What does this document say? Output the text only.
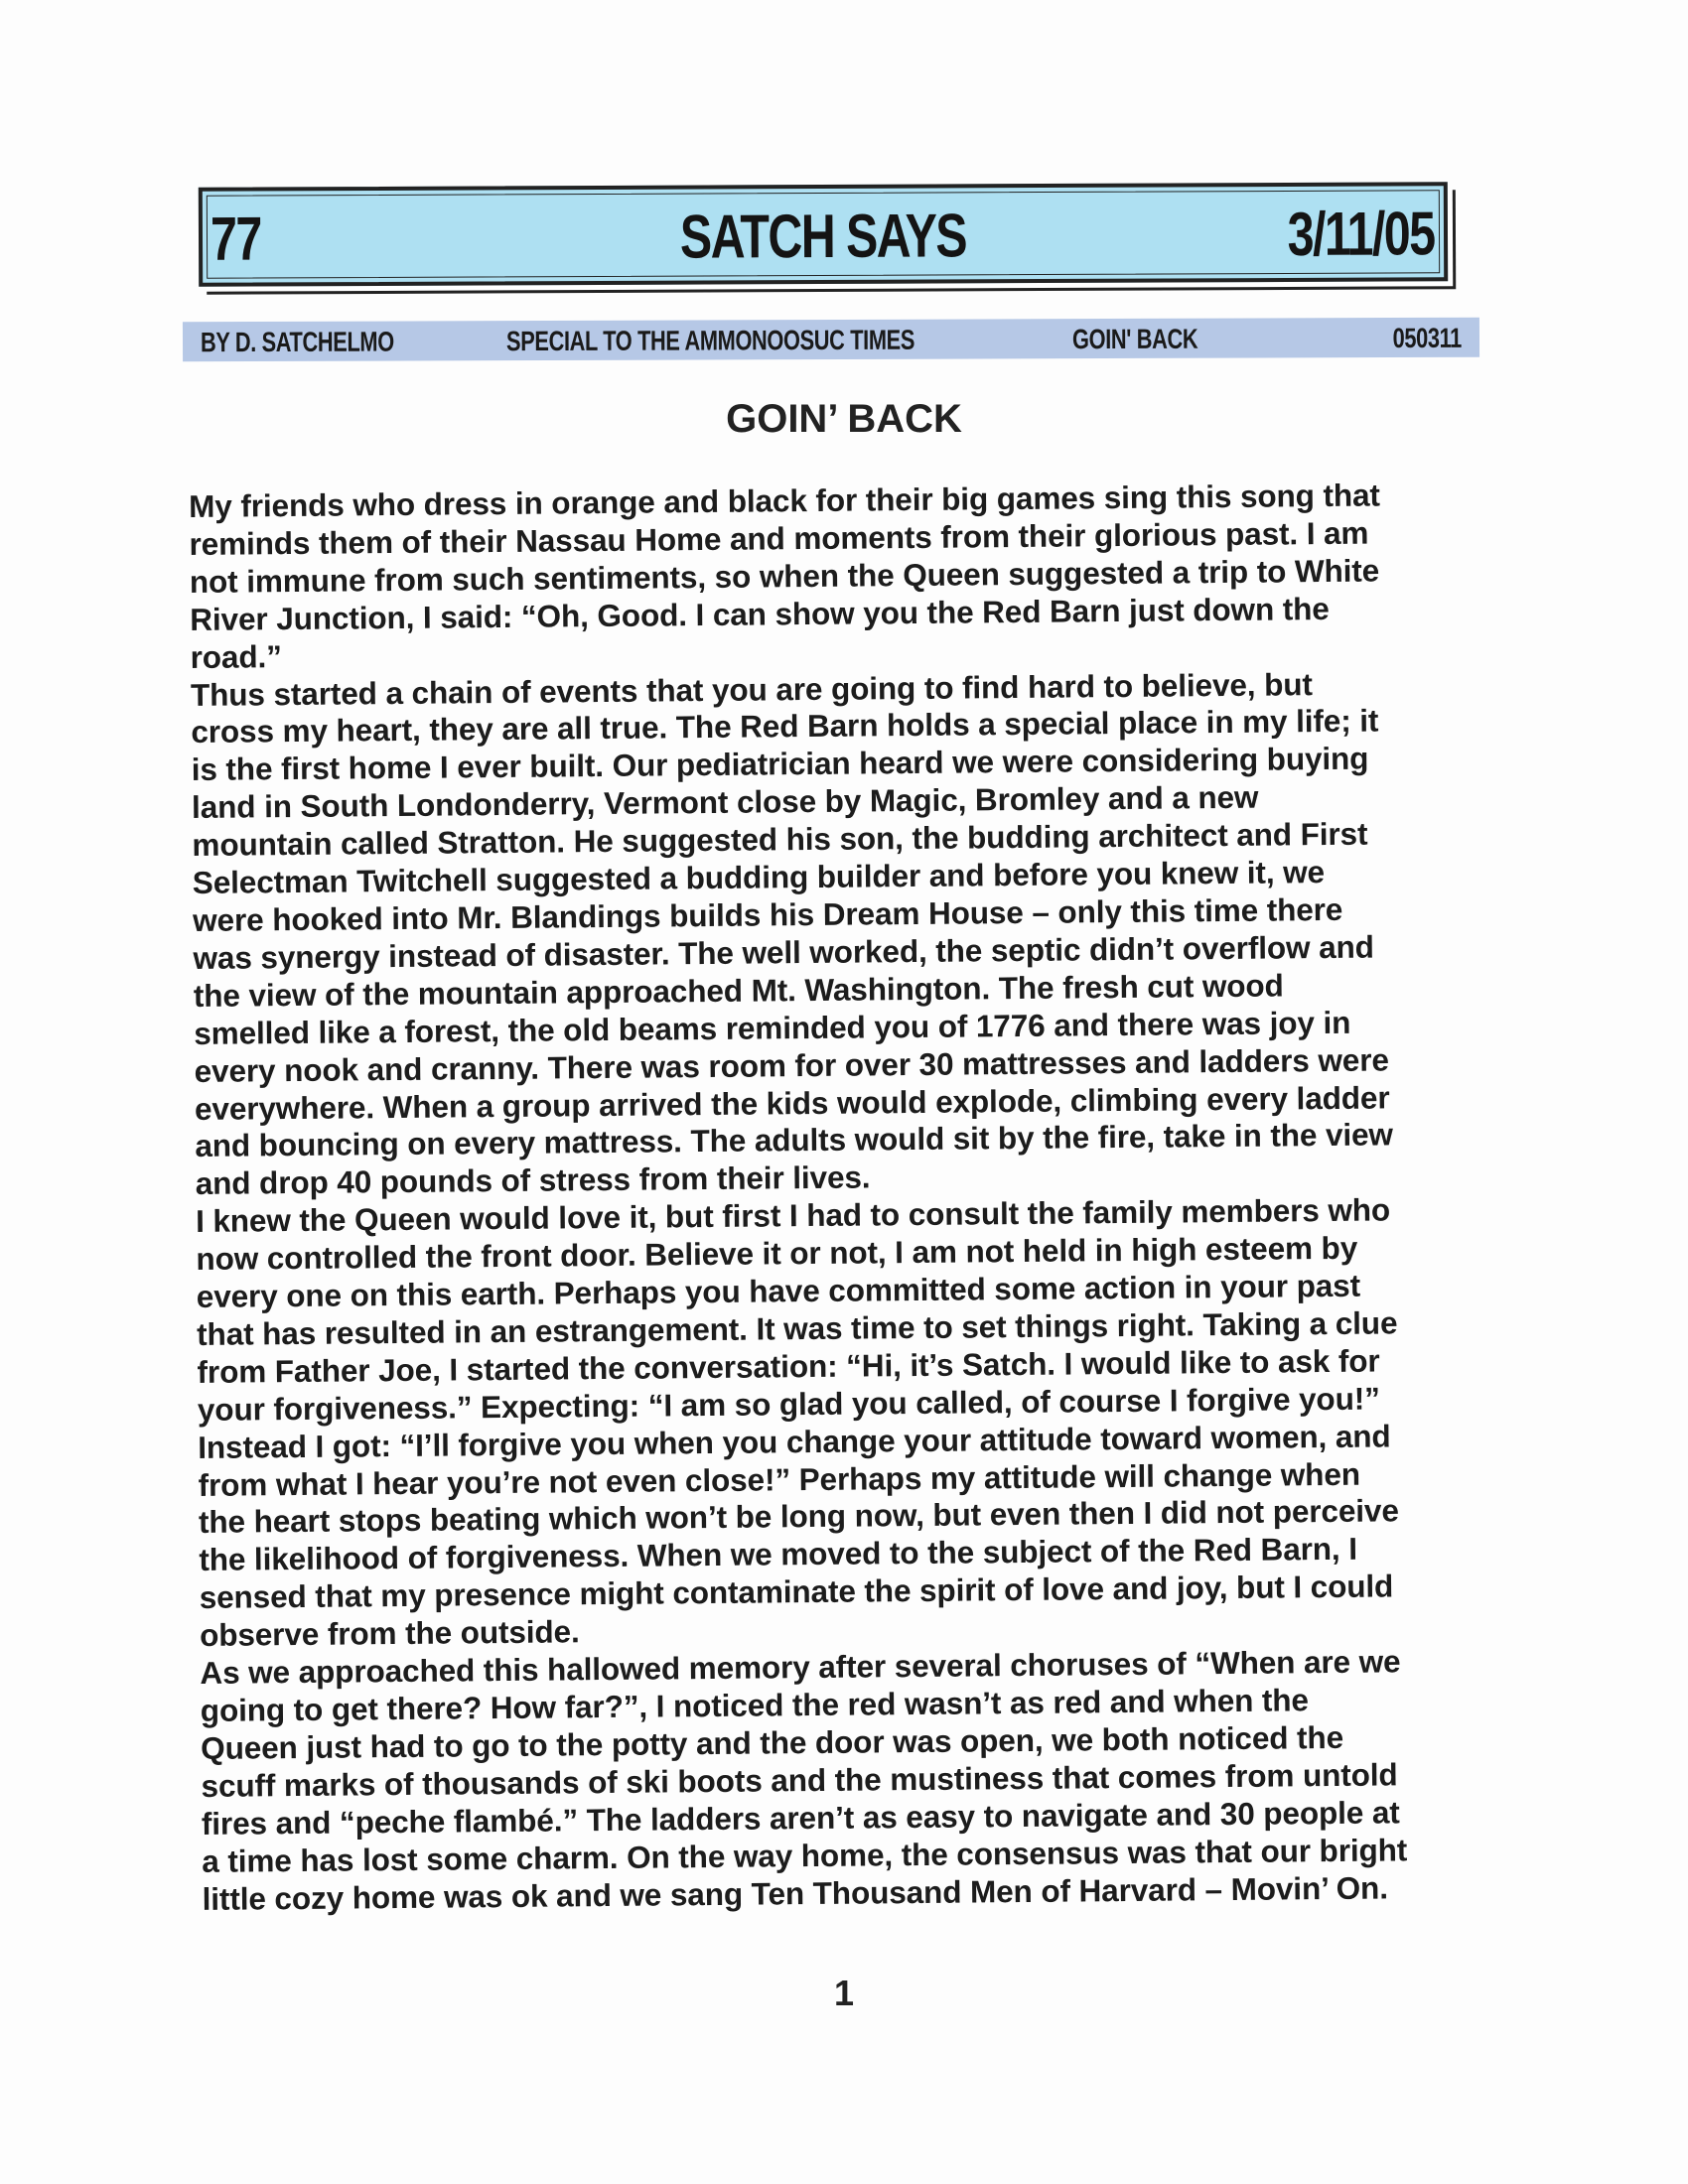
77	SATCH SAYS	3/11/05
BY D. SATCHELMO	SPECIAL TO THE AMMONOOSUC TIMES	GOIN' BACK	050311
GOIN’ BACK
My friends who dress in orange and black for their big games sing this song that
reminds them of their Nassau Home and moments from their glorious past. I am
not immune from such sentiments, so when the Queen suggested a trip to White
River Junction, I said: “Oh, Good. I can show you the Red Barn just down the
road.”
Thus started a chain of events that you are going to find hard to believe, but
cross my heart, they are all true. The Red Barn holds a special place in my life; it
is the first home I ever built. Our pediatrician heard we were considering buying
land in South Londonderry, Vermont close by Magic, Bromley and a new
mountain called Stratton. He suggested his son, the budding architect and First
Selectman Twitchell suggested a budding builder and before you knew it, we
were hooked into Mr. Blandings builds his Dream House – only this time there
was synergy instead of disaster. The well worked, the septic didn’t overflow and
the view of the mountain approached Mt. Washington. The fresh cut wood
smelled like a forest, the old beams reminded you of 1776 and there was joy in
every nook and cranny. There was room for over 30 mattresses and ladders were
everywhere. When a group arrived the kids would explode, climbing every ladder
and bouncing on every mattress. The adults would sit by the fire, take in the view
and drop 40 pounds of stress from their lives.
I knew the Queen would love it, but first I had to consult the family members who
now controlled the front door. Believe it or not, I am not held in high esteem by
every one on this earth. Perhaps you have committed some action in your past
that has resulted in an estrangement. It was time to set things right. Taking a clue
from Father Joe, I started the conversation: “Hi, it’s Satch. I would like to ask for
your forgiveness.” Expecting: “I am so glad you called, of course I forgive you!”
Instead I got: “I’ll forgive you when you change your attitude toward women, and
from what I hear you’re not even close!” Perhaps my attitude will change when
the heart stops beating which won’t be long now, but even then I did not perceive
the likelihood of forgiveness. When we moved to the subject of the Red Barn, I
sensed that my presence might contaminate the spirit of love and joy, but I could
observe from the outside.
As we approached this hallowed memory after several choruses of “When are we
going to get there? How far?”, I noticed the red wasn’t as red and when the
Queen just had to go to the potty and the door was open, we both noticed the
scuff marks of thousands of ski boots and the mustiness that comes from untold
fires and “peche flambé.” The ladders aren’t as easy to navigate and 30 people at
a time has lost some charm. On the way home, the consensus was that our bright
little cozy home was ok and we sang Ten Thousand Men of Harvard – Movin’ On.
1
